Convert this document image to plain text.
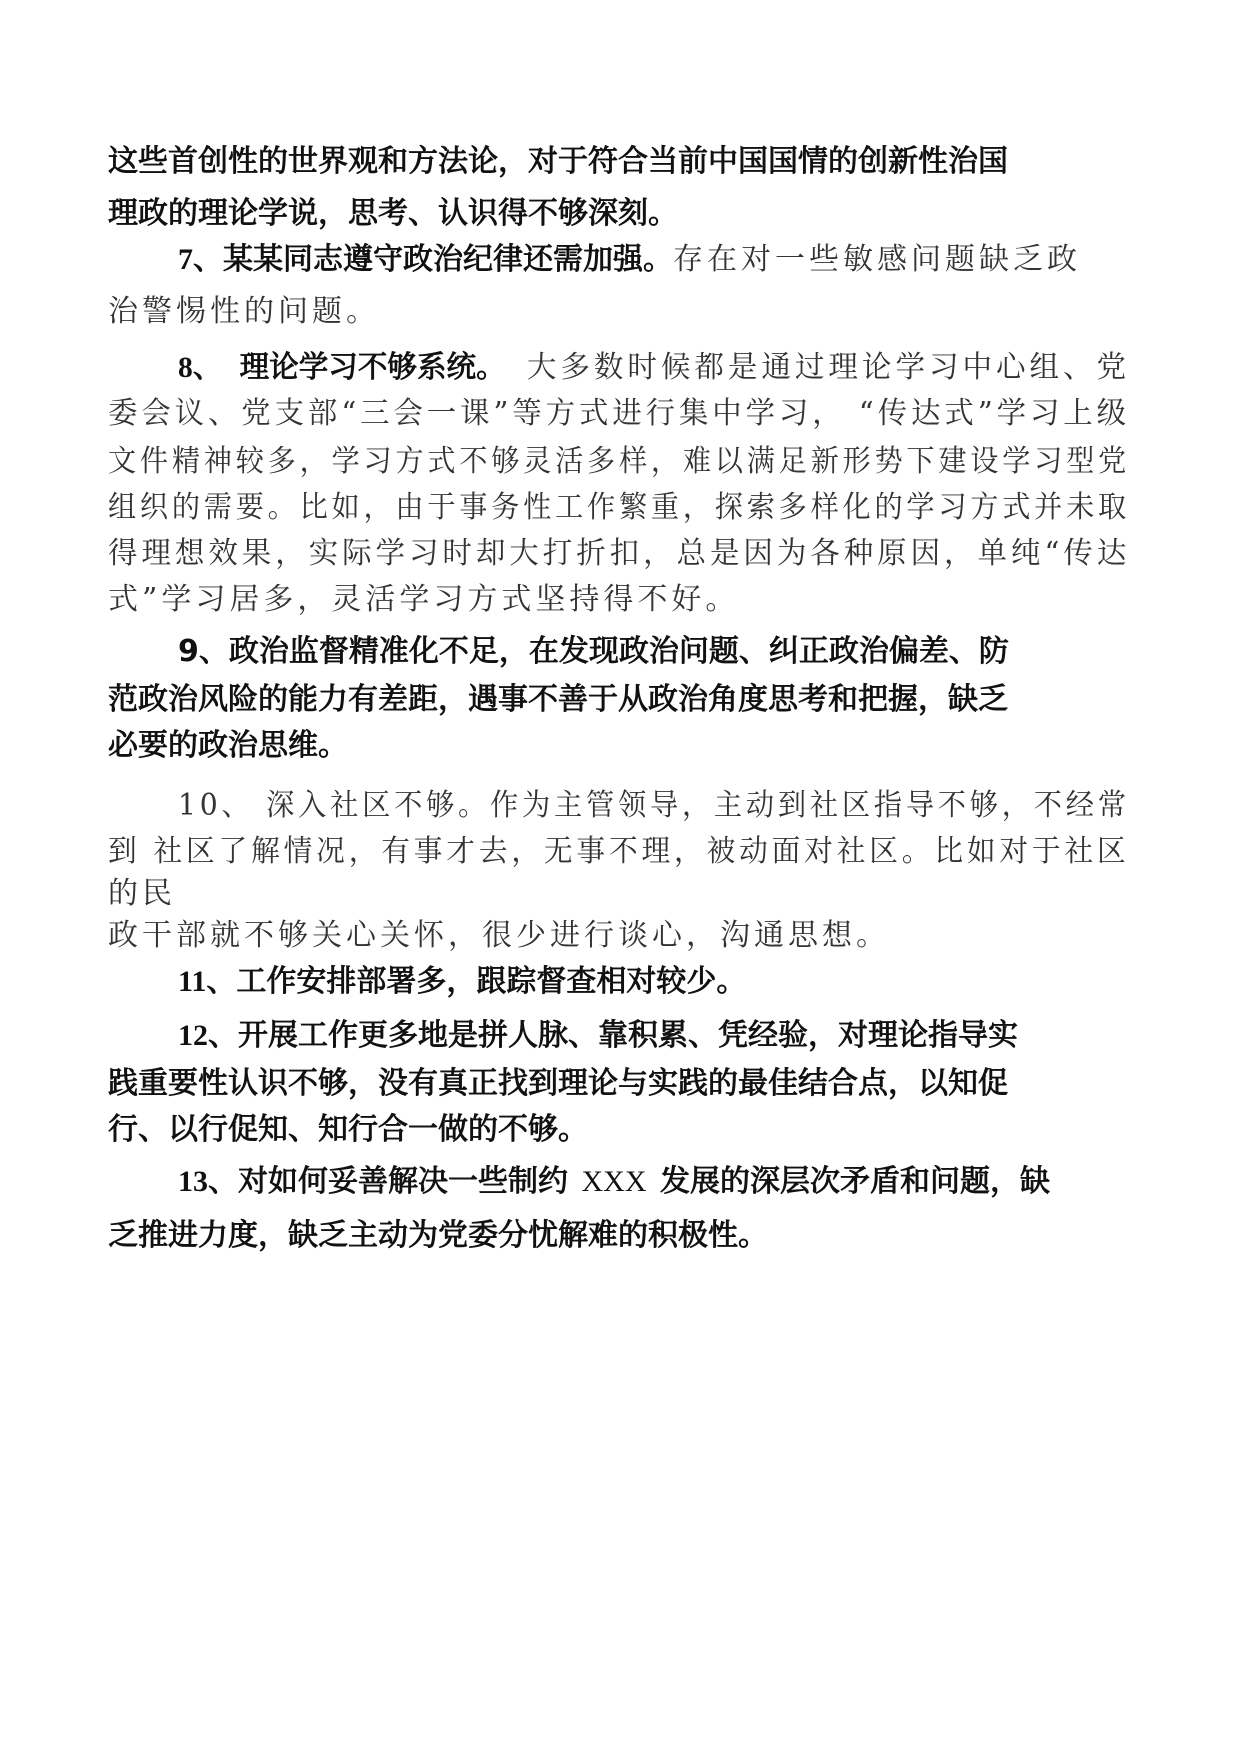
这些首创性的世界观和方法论，对于符合当前中国国情的创新性治国
理政的理论学说，思考、认识得不够深刻。
7、某某同志遵守政治纪律还需加强。存在对一些敏感问题缺乏政
治警惕性的问题。
8、 理论学习不够系统。 大多数时候都是通过理论学习中心组、党
委会议、党支部“三会一课”等方式进行集中学习， “传达式”学习上级
文件精神较多，学习方式不够灵活多样，难以满足新形势下建设学习型党
组织的需要。比如，由于事务性工作繁重，探索多样化的学习方式并未取
得理想效果，实际学习时却大打折扣，总是因为各种原因，单纯“传达
式”学习居多，灵活学习方式坚持得不好。
9、政治监督精准化不足，在发现政治问题、纠正政治偏差、防
范政治风险的能力有差距，遇事不善于从政治角度思考和把握，缺乏
必要的政治思维。
10、 深入社区不够。作为主管领导，主动到社区指导不够，不经常
到 社区了解情况，有事才去，无事不理，被动面对社区。比如对于社区
的民
政干部就不够关心关怀，很少进行谈心，沟通思想。
11、工作安排部署多，跟踪督查相对较少。
12、开展工作更多地是拼人脉、靠积累、凭经验，对理论指导实
践重要性认识不够，没有真正找到理论与实践的最佳结合点，以知促
行、以行促知、知行合一做的不够。
13、对如何妥善解决一些制约 XXX 发展的深层次矛盾和问题，缺
乏推进力度，缺乏主动为党委分忧解难的积极性。
